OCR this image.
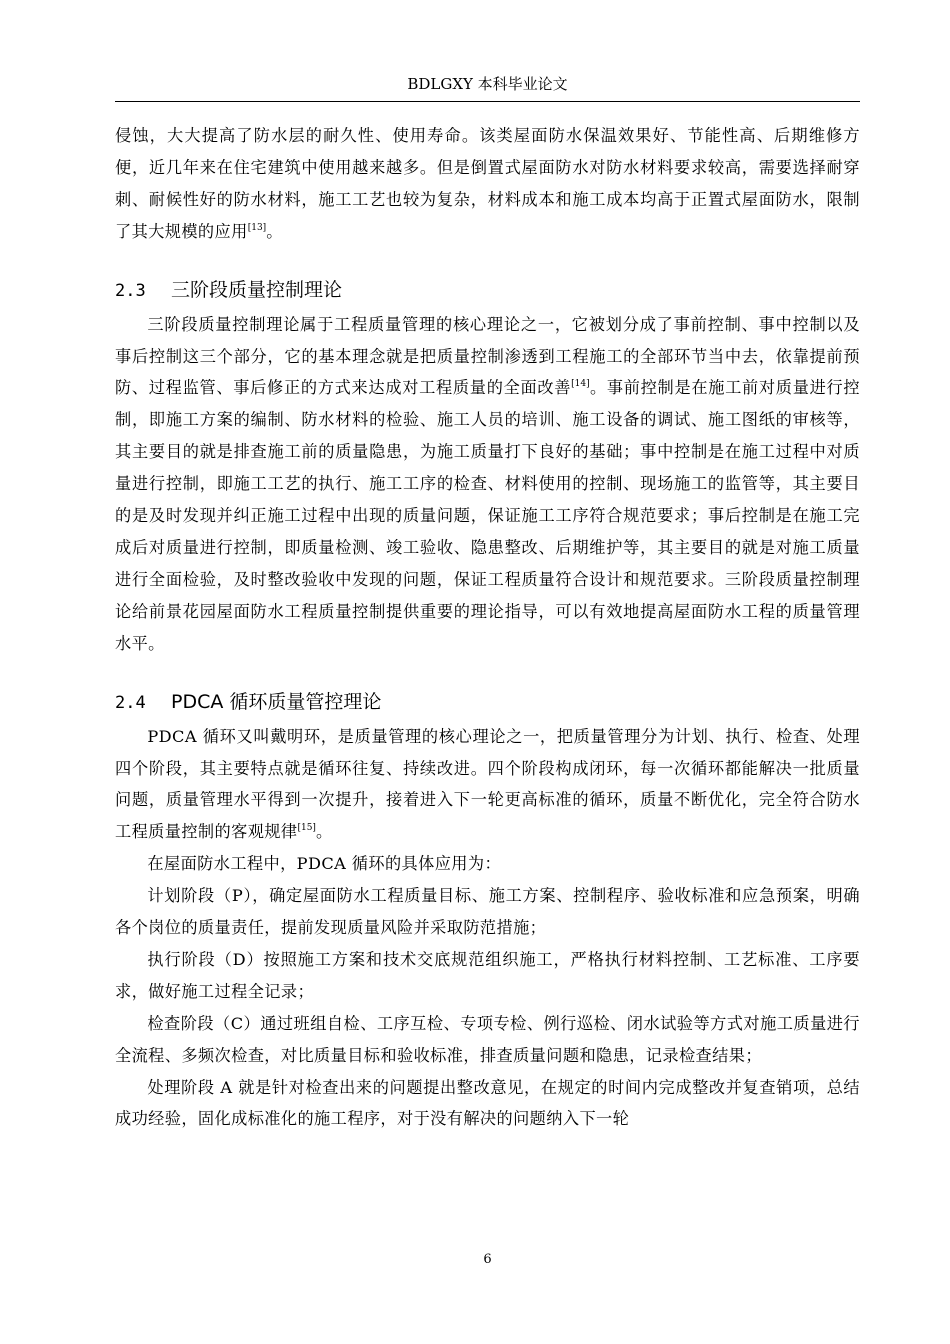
BDLGXY 本科毕业论文

侵蚀，大大提高了防水层的耐久性、使用寿命。该类屋面防水保温效果好、节能性高、后期维修方便，近几年来在住宅建筑中使用越来越多。但是倒置式屋面防水对防水材料要求较高，需要选择耐穿刺、耐候性好的防水材料，施工工艺也较为复杂，材料成本和施工成本均高于正置式屋面防水，限制了其大规模的应用[13]。

2.3 三阶段质量控制理论

三阶段质量控制理论属于工程质量管理的核心理论之一，它被划分成了事前控制、事中控制以及事后控制这三个部分，它的基本理念就是把质量控制渗透到工程施工的全部环节当中去，依靠提前预防、过程监管、事后修正的方式来达成对工程质量的全面改善[14]。事前控制是在施工前对质量进行控制，即施工方案的编制、防水材料的检验、施工人员的培训、施工设备的调试、施工图纸的审核等，其主要目的就是排查施工前的质量隐患，为施工质量打下良好的基础；事中控制是在施工过程中对质量进行控制，即施工工艺的执行、施工工序的检查、材料使用的控制、现场施工的监管等，其主要目的是及时发现并纠正施工过程中出现的质量问题，保证施工工序符合规范要求；事后控制是在施工完成后对质量进行控制，即质量检测、竣工验收、隐患整改、后期维护等，其主要目的就是对施工质量进行全面检验，及时整改验收中发现的问题，保证工程质量符合设计和规范要求。三阶段质量控制理论给前景花园屋面防水工程质量控制提供重要的理论指导，可以有效地提高屋面防水工程的质量管理水平。

2.4 PDCA 循环质量管控理论

PDCA 循环又叫戴明环，是质量管理的核心理论之一，把质量管理分为计划、执行、检查、处理四个阶段，其主要特点就是循环往复、持续改进。四个阶段构成闭环，每一次循环都能解决一批质量问题，质量管理水平得到一次提升，接着进入下一轮更高标准的循环，质量不断优化，完全符合防水工程质量控制的客观规律[15]。

在屋面防水工程中，PDCA 循环的具体应用为：

计划阶段（P），确定屋面防水工程质量目标、施工方案、控制程序、验收标准和应急预案，明确各个岗位的质量责任，提前发现质量风险并采取防范措施；

执行阶段（D）按照施工方案和技术交底规范组织施工，严格执行材料控制、工艺标准、工序要求，做好施工过程全记录；

检查阶段（C）通过班组自检、工序互检、专项专检、例行巡检、闭水试验等方式对施工质量进行全流程、多频次检查，对比质量目标和验收标准，排查质量问题和隐患，记录检查结果；

处理阶段 A 就是针对检查出来的问题提出整改意见，在规定的时间内完成整改并复查销项，总结成功经验，固化成标准化的施工程序，对于没有解决的问题纳入下一轮

6
